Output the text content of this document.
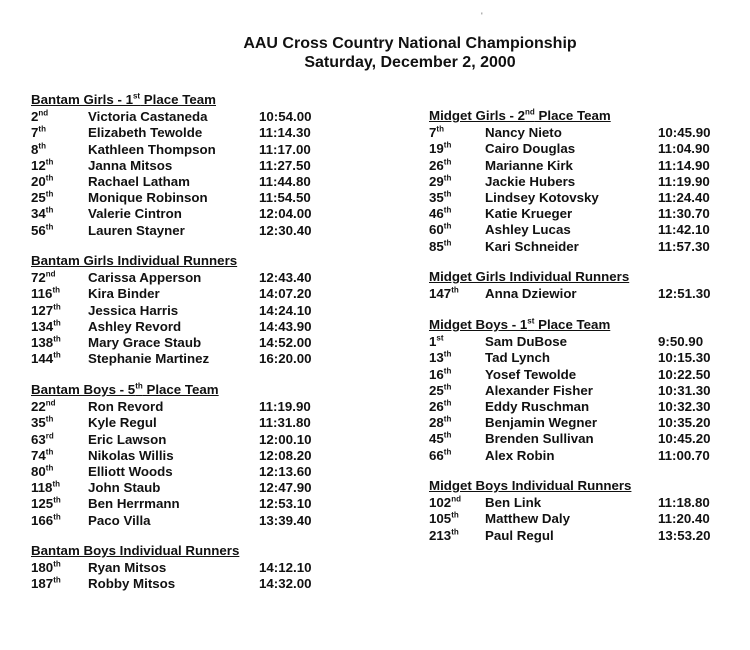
AAU Cross Country National Championship
Saturday, December 2, 2000
'
Bantam Girls - 1st Place Team
2nd	Victoria Castaneda	10:54.00
7th	Elizabeth Tewolde	11:14.30
8th	Kathleen Thompson	11:17.00
12th	Janna Mitsos	11:27.50
20th	Rachael Latham	11:44.80
25th	Monique Robinson	11:54.50
34th	Valerie Cintron	12:04.00
56th	Lauren Stayner	12:30.40
Bantam Girls Individual Runners
72nd Carissa Apperson	12:43.40
116th Kira Binder	14:07.20
127th Jessica Harris	14:24.10
134th Ashley Revord	14:43.90
138th Mary Grace Staub	14:52.00
144th Stephanie Martinez	16:20.00
Bantam Boys - 5th Place Team
22nd Ron Revord	11:19.90
35th	Kyle Regul	11:31.80
63rd	Eric Lawson	12:00.10
74th	Nikolas Willis	12:08.20
80th	Elliott Woods	12:13.60
118th John Staub	12:47.90
125th Ben Herrmann	12:53.10
166th Paco Villa	13:39.40
Bantam Boys Individual Runners
180th Ryan Mitsos	14:12.10
187th Robby Mitsos	14:32.00
Midget Girls - 2nd Place Team
7th	Nancy Nieto	10:45.90
19th	Cairo Douglas	11:04.90
26th	Marianne Kirk	11:14.90
29th	Jackie Hubers	11:19.90
35th	Lindsey Kotovsky	11:24.40
46th	Katie Krueger	11:30.70
60th	Ashley Lucas	11:42.10
85th	Kari Schneider	11:57.30
Midget Girls Individual Runners
147th Anna Dziewior	12:51.30
Midget Boys - 1st Place Team
1st	Sam DuBose	9:50.90
13th	Tad Lynch	10:15.30
16th	Yosef Tewolde	10:22.50
25th	Alexander Fisher	10:31.30
26th	Eddy Ruschman	10:32.30
28th	Benjamin Wegner	10:35.20
45th	Brenden Sullivan	10:45.20
66th	Alex Robin	11:00.70
Midget Boys Individual Runners
102nd Ben Link	11:18.80
105th Matthew Daly	11:20.40
213th Paul Regul	13:53.20
